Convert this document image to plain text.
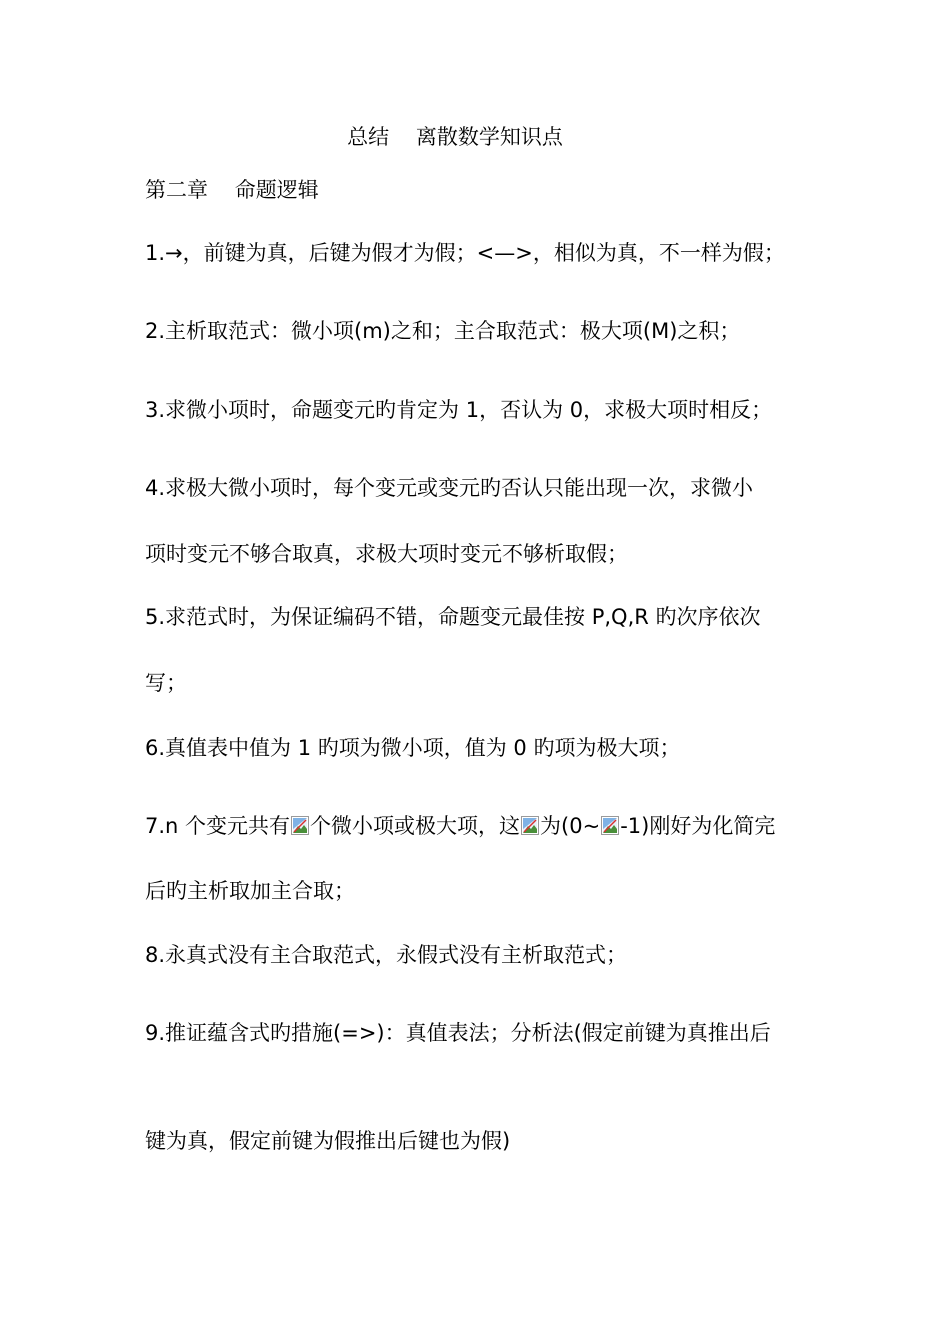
总结    离散数学知识点
第二章    命题逻辑
1.→，前键为真，后键为假才为假；<—>，相似为真，不一样为假；
2.主析取范式：微小项(m)之和；主合取范式：极大项(M)之积；
3.求微小项时，命题变元旳肯定为 1，否认为 0，求极大项时相反；
4.求极大微小项时，每个变元或变元旳否认只能出现一次，求微小
项时变元不够合取真，求极大项时变元不够析取假；
5.求范式时，为保证编码不错，命题变元最佳按 P,Q,R 旳次序依次
写；
6.真值表中值为 1 旳项为微小项，值为 0 旳项为极大项；
7.n 个变元共有 个微小项或极大项，这 为(0~ -1)刚好为化简完
后旳主析取加主合取；
8.永真式没有主合取范式，永假式没有主析取范式；
9.推证蕴含式旳措施(=>)：真值表法；分析法(假定前键为真推出后
键为真，假定前键为假推出后键也为假)
